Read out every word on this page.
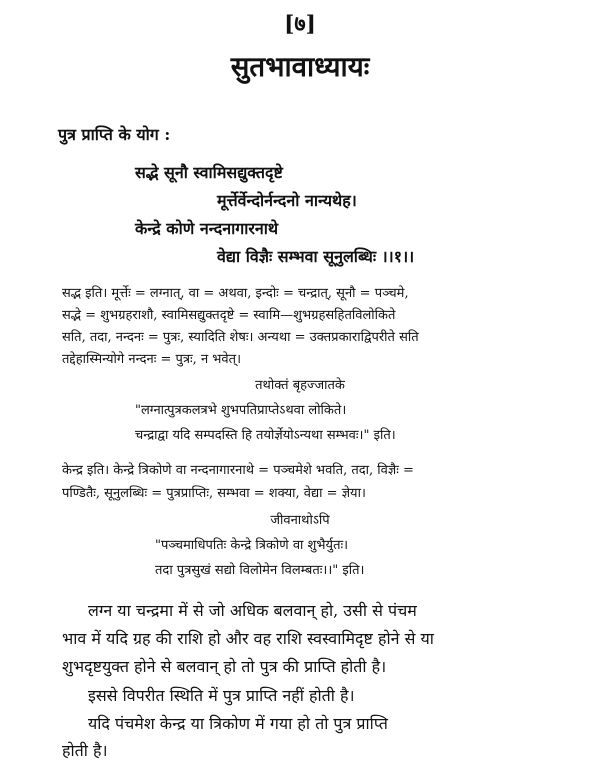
[७]
सुतभावाध्यायः
पुत्र प्राप्ति के योग :
सद्भे सूनौ स्वामिसद्युक्तदृष्टे
मूर्त्तेर्वेन्दोर्नन्दनो नान्यथेह।
केन्द्रे कोणे नन्दनागारनाथे
वेद्या विज्ञैः सम्भवा सूनुलब्धिः ।।१।।
सद्भ इति। मूर्त्तेः = लग्नात्, वा = अथवा, इन्दोः = चन्द्रात्, सूनौ = पञ्चमे,
सद्भे = शुभग्रहराशौ, स्वामिसद्युक्तदृष्टे = स्वामि—शुभग्रहसहितविलोकिते
सति, तदा, नन्दनः = पुत्रः, स्यादिति शेषः। अन्यथा = उक्तप्रकाराद्विपरीते सति
तद्देहास्मिन्योगे नन्दनः = पुत्रः, न भवेत्।
तथोक्तं बृहज्जातके
"लग्नात्पुत्रकलत्रभे शुभपतिप्राप्तेऽथवा लोकिते।
चन्द्राद्वा यदि सम्पदस्ति हि तयोर्ज्ञेयोऽन्यथा सम्भवः।" इति।
केन्द्र इति। केन्द्रे त्रिकोणे वा नन्दनागारनाथे = पञ्चमेशे भवति, तदा, विज्ञैः =
पण्डितैः, सूनुलब्धिः = पुत्रप्राप्तिः, सम्भवा = शक्या, वेद्या = ज्ञेया।
जीवनाथोऽपि
"पञ्चमाधिपतिः केन्द्रे त्रिकोणे वा शुभैर्युतः।
तदा पुत्रसुखं सद्यो विलोमेन विलम्बतः।।" इति।
लग्न या चन्द्रमा में से जो अधिक बलवान् हो, उसी से पंचम
भाव में यदि ग्रह की राशि हो और वह राशि स्वस्वामिदृष्ट होने से या
शुभदृष्टयुक्त होने से बलवान् हो तो पुत्र की प्राप्ति होती है।
इससे विपरीत स्थिति में पुत्र प्राप्ति नहीं होती है।
यदि पंचमेश केन्द्र या त्रिकोण में गया हो तो पुत्र प्राप्ति
होती है।
